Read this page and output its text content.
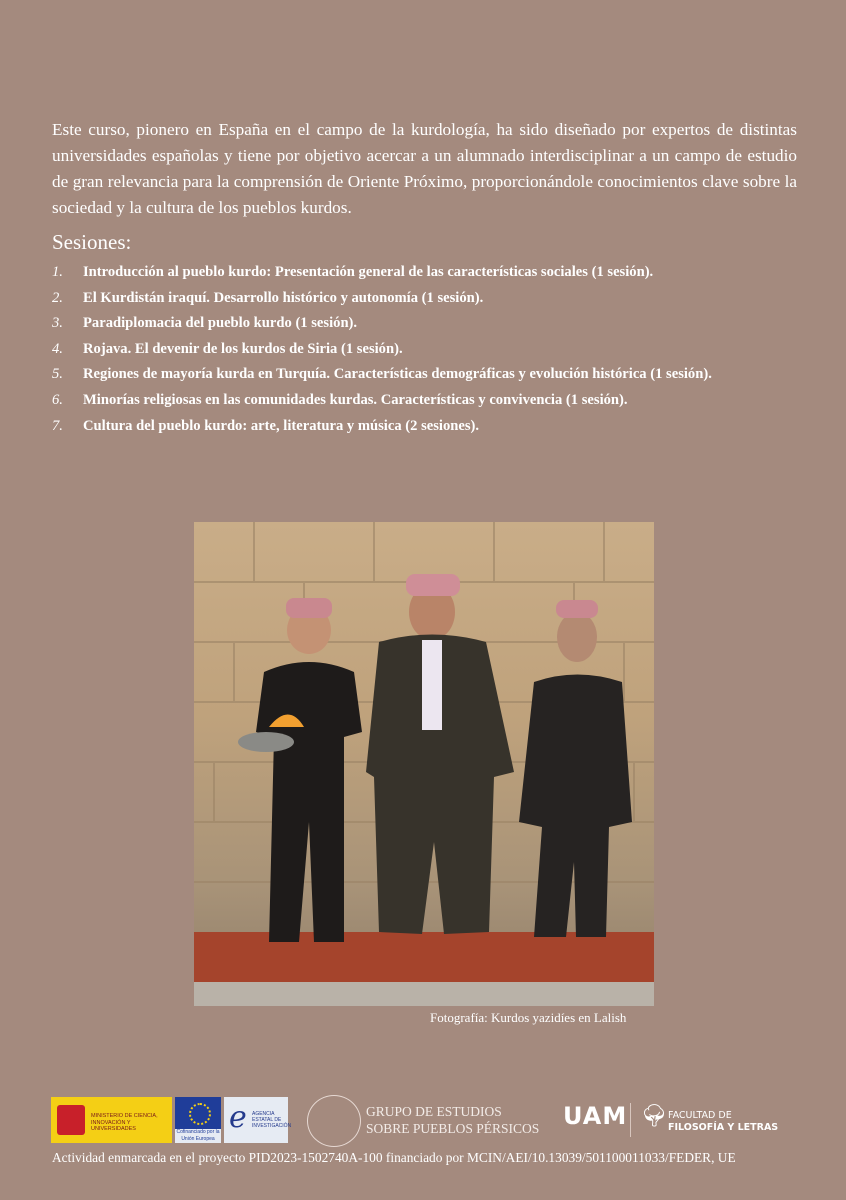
Este curso, pionero en España en el campo de la kurdología, ha sido diseñado por expertos de distintas universidades españolas y tiene por objetivo acercar a un alumnado interdisciplinar a un campo de estudio de gran relevancia para la comprensión de Oriente Próximo, proporcionándole conocimientos clave sobre la sociedad y la cultura de los pueblos kurdos.

Sesiones:
1.	Introducción al pueblo kurdo: Presentación general de las características sociales (1 sesión).
2.	El Kurdistán iraquí. Desarrollo histórico y autonomía (1 sesión).
3.	Paradiplomacia del pueblo kurdo (1 sesión).
4.	Rojava. El devenir de los kurdos de Siria (1 sesión).
5.	Regiones de mayoría kurda en Turquía. Características demográficas y evolución histórica (1 sesión).
6.	Minorías religiosas en las comunidades kurdas. Características y convivencia (1 sesión).
7.	Cultura del pueblo kurdo: arte, literatura y música (2 sesiones).
Fotografía: Kurdos yazidíes en Lalish
MINISTERIO DE CIENCIA, INNOVACIÓN Y UNIVERSIDADES	Cofinanciado por la Unión Europea
e AGENCIA ESTATAL DE INVESTIGACIÓN
GRUPO DE ESTUDIOS
SOBRE PUEBLOS PÉRSICOS UAM 🌳︎ FACULTAD DE
FILOSOFÍA Y LETRAS
Actividad enmarcada en el proyecto PID2023-1502740A-100 financiado por MCIN/AEI/10.13039/501100011033/FEDER, UE
